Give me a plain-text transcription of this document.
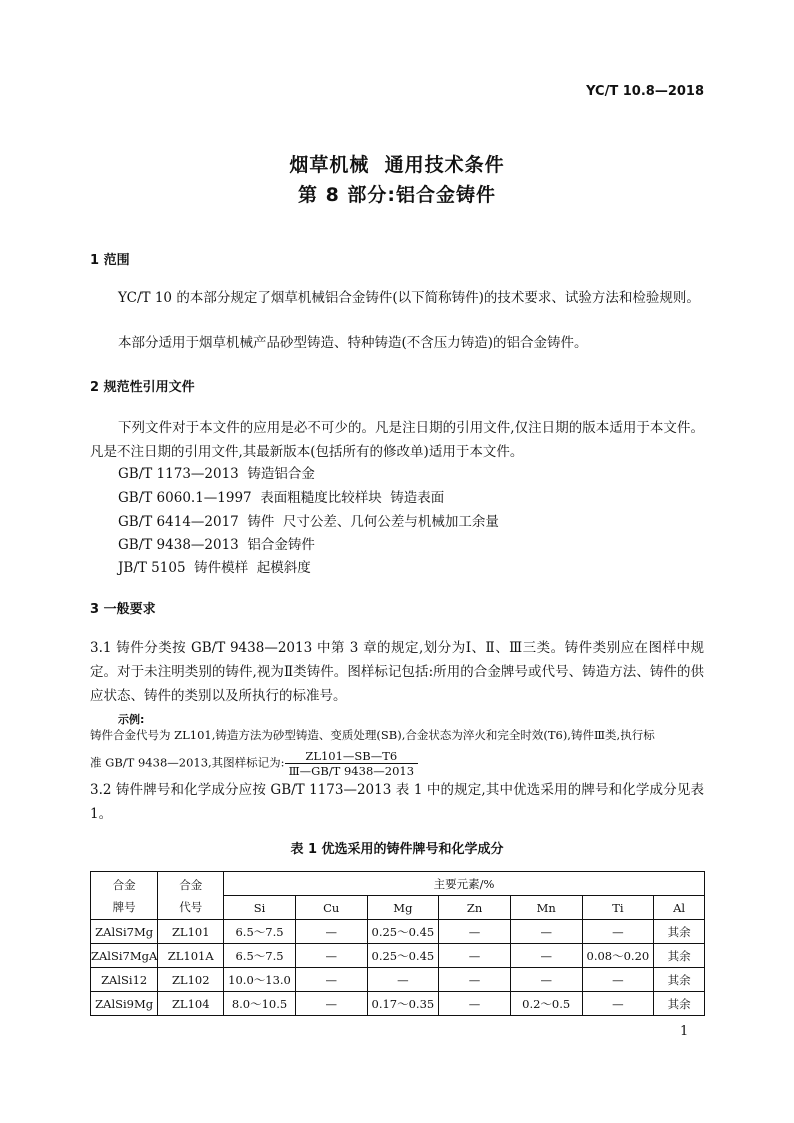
YC/T 10.8—2018
烟草机械  通用技术条件
第 8 部分:铝合金铸件
1 范围
YC/T 10 的本部分规定了烟草机械铝合金铸件(以下简称铸件)的技术要求、试验方法和检验规则。
本部分适用于烟草机械产品砂型铸造、特种铸造(不含压力铸造)的铝合金铸件。
2 规范性引用文件
下列文件对于本文件的应用是必不可少的。凡是注日期的引用文件,仅注日期的版本适用于本文件。凡是不注日期的引用文件,其最新版本(包括所有的修改单)适用于本文件。
GB/T 1173—2013  铸造铝合金
GB/T 6060.1—1997  表面粗糙度比较样块  铸造表面
GB/T 6414—2017  铸件  尺寸公差、几何公差与机械加工余量
GB/T 9438—2013  铝合金铸件
JB/T 5105  铸件模样  起模斜度
3 一般要求
3.1 铸件分类按 GB/T 9438—2013 中第 3 章的规定,划分为Ⅰ、Ⅱ、Ⅲ三类。铸件类别应在图样中规定。对于未注明类别的铸件,视为Ⅱ类铸件。图样标记包括:所用的合金牌号或代号、铸造方法、铸件的供应状态、铸件的类别以及所执行的标准号。
示例:
铸件合金代号为 ZL101,铸造方法为砂型铸造、变质处理(SB),合金状态为淬火和完全时效(T6),铸件Ⅲ类,执行标
准 GB/T 9438—2013,其图样标记为: $\frac{ZL101—SB—T6}{\text{Ⅲ—GB/T 9438—2013}}$
3.2 铸件牌号和化学成分应按 GB/T 1173—2013 表 1 中的规定,其中优选采用的牌号和化学成分见表 1。
表 1 优选采用的铸件牌号和化学成分
合金
牌号	合金
代号	主要元素/%						
		Si	Cu	Mg	Zn	Mn	Ti	Al
ZAlSi7Mg	ZL101	6.5～7.5	—	0.25～0.45	—	—	—	其余
ZAlSi7MgA	ZL101A	6.5～7.5	—	0.25～0.45	—	—	0.08～0.20	其余
ZAlSi12	ZL102	10.0～13.0	—	—	—	—	—	其余
ZAlSi9Mg	ZL104	8.0～10.5	—	0.17～0.35	—	0.2～0.5	—	其余
1
